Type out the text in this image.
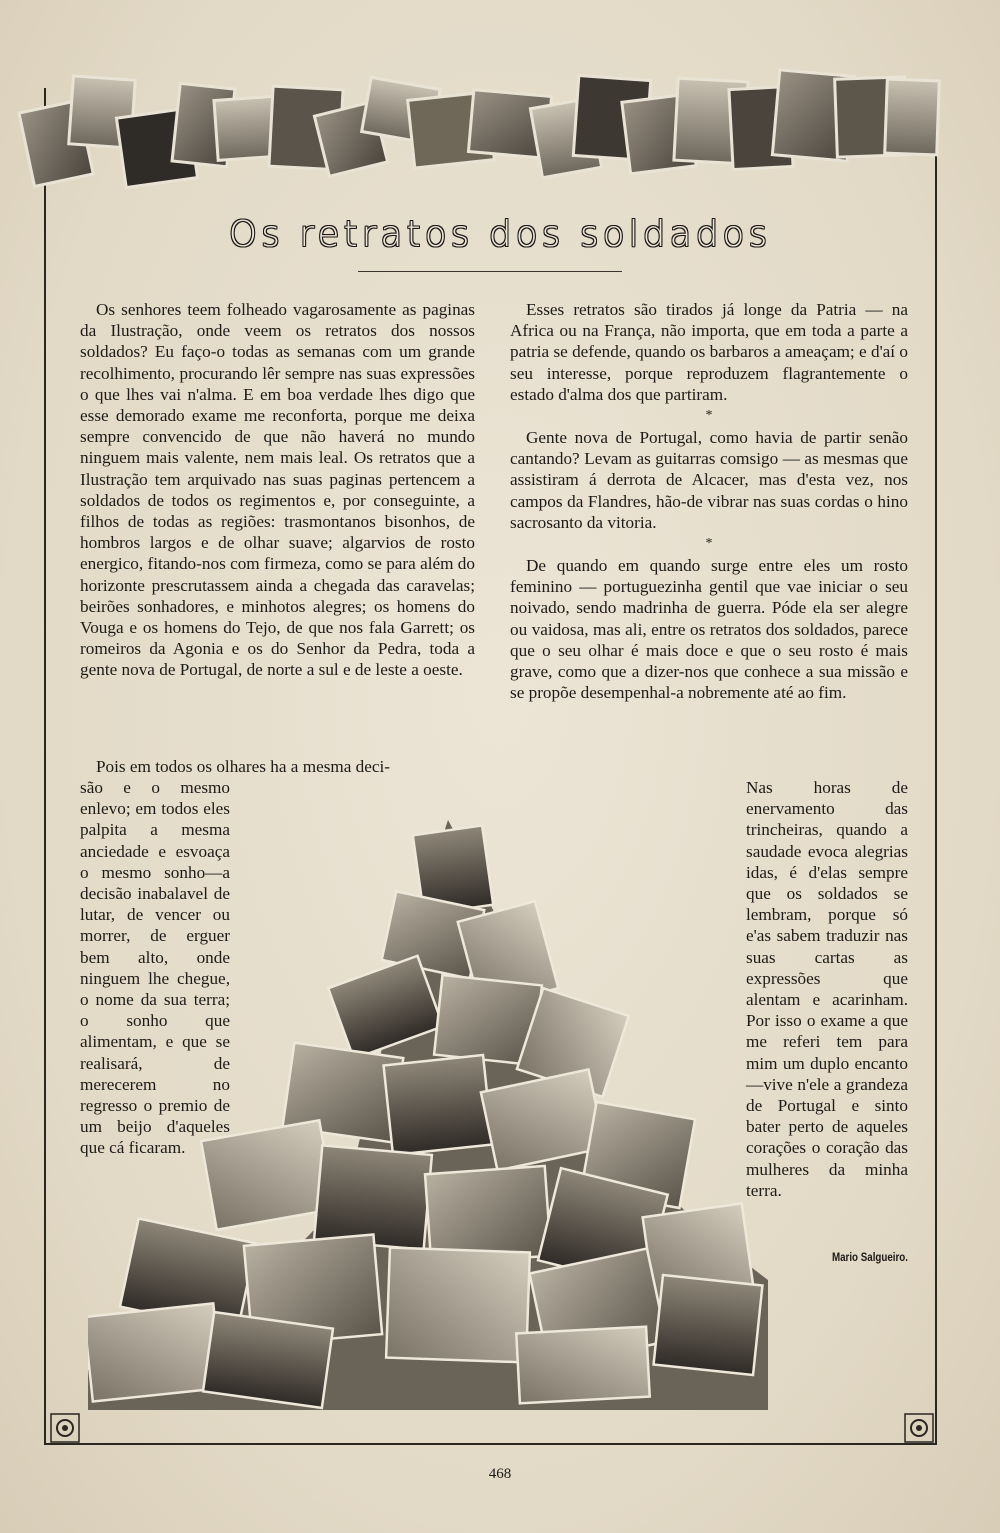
Os retratos dos soldados

Os senhores teem folheado vagarosamente as paginas da Ilustração, onde veem os retratos dos nossos soldados? Eu faço-o todas as semanas com um grande recolhimento, procurando lêr sempre nas suas expressões o que lhes vai n'alma. E em boa verdade lhes digo que esse demorado exame me reconforta, porque me deixa sempre convencido de que não haverá no mundo ninguem mais valente, nem mais leal. Os retratos que a Ilustração tem arquivado nas suas paginas pertencem a soldados de todos os regimentos e, por conseguinte, a filhos de todas as regiões: trasmontanos bisonhos, de hombros largos e de olhar suave; algarvios de rosto energico, fitando-nos com firmeza, como se para além do horizonte prescrutassem ainda a chegada das caravelas; beirões sonhadores, e minhotos alegres; os homens do Vouga e os homens do Tejo, de que nos fala Garrett; os romeiros da Agonia e os do Senhor da Pedra, toda a gente nova de Portugal, de norte a sul e de leste a oeste.

Pois em todos os olhares ha a mesma deci-
são e o mesmo enlevo; em todos eles palpita a mesma anciedade e esvoaça o mesmo sonho—a decisão inabalavel de lutar, de vencer ou morrer, de erguer bem alto, onde ninguem lhe chegue, o nome da sua terra; o sonho que alimentam, e que se realisará, de merecerem no regresso o premio de um beijo d'aqueles que cá ficaram.

Esses retratos são tirados já longe da Patria — na Africa ou na França, não importa, que em toda a parte a patria se defende, quando os barbaros a ameaçam; e d'aí o seu interesse, porque reproduzem flagrantemente o estado d'alma dos que partiram.

*

Gente nova de Portugal, como havia de partir senão cantando? Levam as guitarras comsigo — as mesmas que assistiram á derrota de Alcacer, mas d'esta vez, nos campos da Flandres, hão-de vibrar nas suas cordas o hino sacrosanto da vitoria.

*

De quando em quando surge entre eles um rosto feminino — portuguezinha gentil que vae iniciar o seu noivado, sendo madrinha de guerra. Póde ela ser alegre ou vaidosa, mas ali, entre os retratos dos soldados, parece que o seu olhar é mais doce e que o seu rosto é mais grave, como que a dizer-nos que conhece a sua missão e se propõe desempenhal-a nobremente até ao fim.

Nas horas de enervamento das trincheiras, quando a saudade evoca alegrias idas, é d'elas sempre que os soldados se lembram, porque só e'as sabem traduzir nas suas cartas as expressões que alentam e acarinham. Por isso o exame a que me referi tem para mim um duplo encanto—vive n'ele a grandeza de Portugal e sinto bater perto de aqueles corações o coração das mulheres da minha terra.
Mario Salgueiro.
468
